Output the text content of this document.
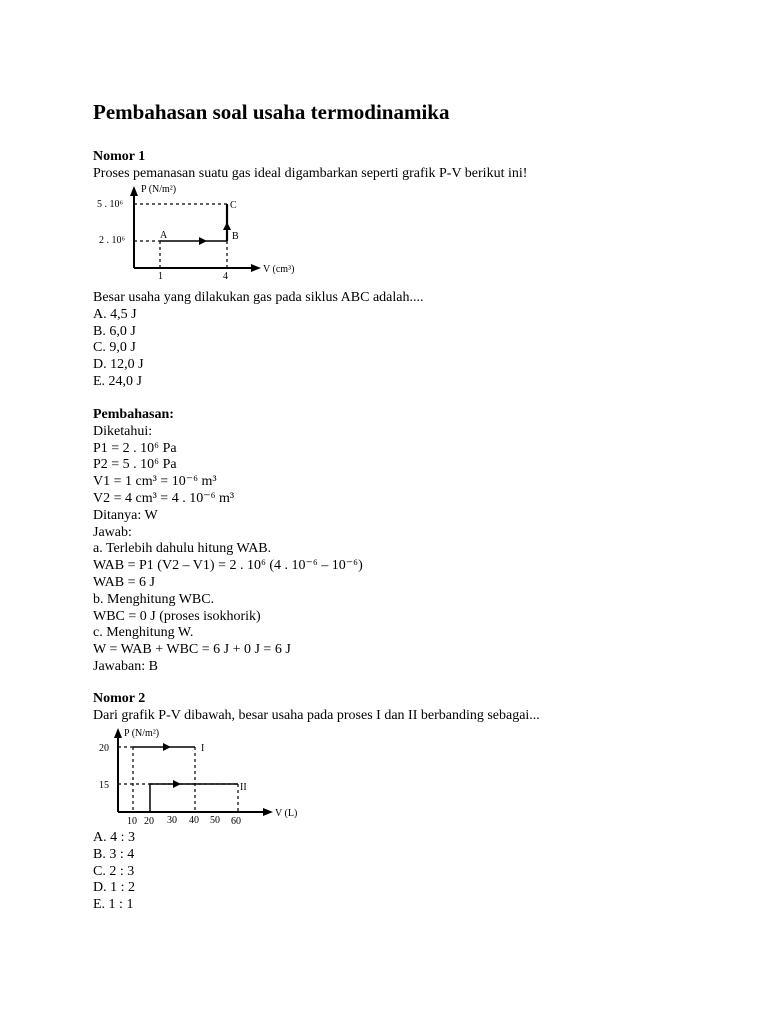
Pembahasan soal usaha termodinamika
Nomor 1
Proses pemanasan suatu gas ideal digambarkan seperti grafik P-V berikut ini!
P (N/m²)
V (cm³)
5 . 10⁶
2 . 10⁶
1	4
A	B
C
Besar usaha yang dilakukan gas pada siklus ABC adalah....
A. 4,5 J
B. 6,0 J
C. 9,0 J
D. 12,0 J
E. 24,0 J
Pembahasan:
Diketahui:
P1 = 2 . 10⁶ Pa
P2 = 5 . 10⁶ Pa
V1 = 1 cm³ = 10⁻⁶ m³
V2 = 4 cm³ = 4 . 10⁻⁶ m³
Ditanya: W
Jawab:
a. Terlebih dahulu hitung WAB.
WAB = P1 (V2 – V1) = 2 . 10⁶ (4 . 10⁻⁶ – 10⁻⁶)
WAB = 6 J
b. Menghitung WBC.
WBC = 0 J (proses isokhorik)
c. Menghitung W.
W = WAB + WBC = 6 J + 0 J = 6 J
Jawaban: B
Nomor 2
Dari grafik P-V dibawah, besar usaha pada proses I dan II berbanding sebagai...
P (N/m²)
V (L)
20
15
10 20 30 40 50 60
I
II
A. 4 : 3
B. 3 : 4
C. 2 : 3
D. 1 : 2
E. 1 : 1
